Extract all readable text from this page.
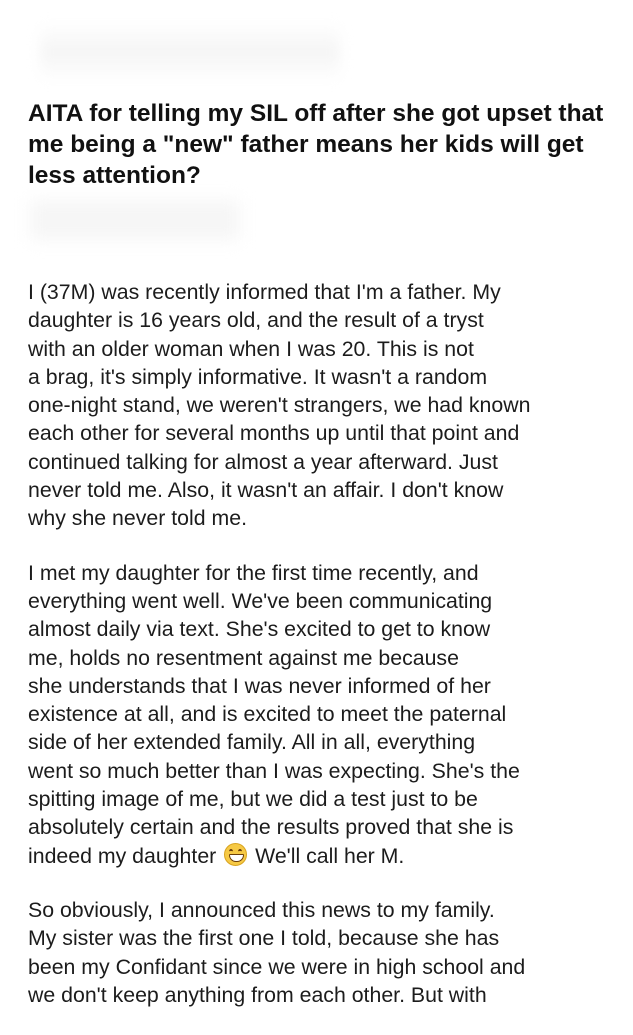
AITA for telling my SIL off after she got upset that me being a "new" father means her kids will get less attention?

I (37M) was recently informed that I'm a father. My
daughter is 16 years old, and the result of a tryst
with an older woman when I was 20. This is not
a brag, it's simply informative. It wasn't a random
one-night stand, we weren't strangers, we had known
each other for several months up until that point and
continued talking for almost a year afterward. Just
never told me. Also, it wasn't an affair. I don't know
why she never told me.

I met my daughter for the first time recently, and
everything went well. We've been communicating
almost daily via text. She's excited to get to know
me, holds no resentment against me because
she understands that I was never informed of her
existence at all, and is excited to meet the paternal
side of her extended family. All in all, everything
went so much better than I was expecting. She's the
spitting image of me, but we did a test just to be
absolutely certain and the results proved that she is
indeed my daughter We'll call her M.

So obviously, I announced this news to my family.
My sister was the first one I told, because she has
been my Confidant since we were in high school and
we don't keep anything from each other. But with
